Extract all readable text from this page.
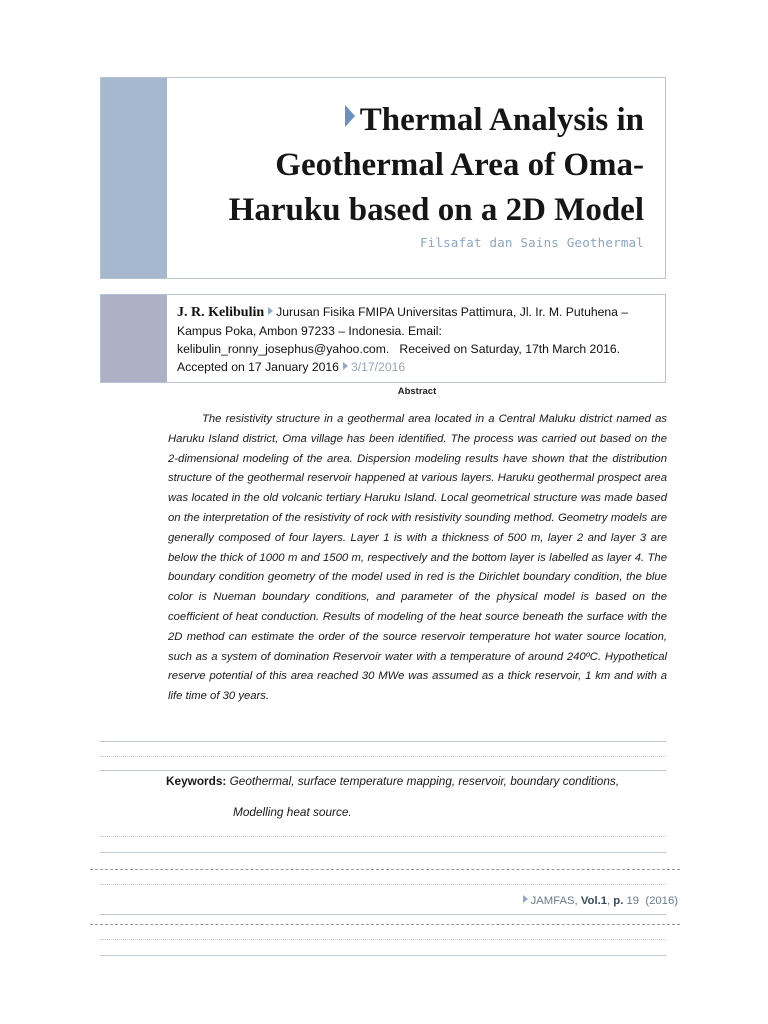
Thermal Analysis in
Geothermal Area of Oma-
Haruku based on a 2D Model
Filsafat dan Sains Geothermal
J. R. Kelibulin Jurusan Fisika FMIPA Universitas Pattimura, Jl. Ir. M. Putuhena – Kampus Poka, Ambon 97233 – Indonesia. Email: kelibulin_ronny_josephus@yahoo.com. Received on Saturday, 17th March 2016. Accepted on 17 January 2016 3/17/2016
Abstract

The resistivity structure in a geothermal area located in a Central Maluku district named as Haruku Island district, Oma village has been identified. The process was carried out based on the 2-dimensional modeling of the area. Dispersion modeling results have shown that the distribution structure of the geothermal reservoir happened at various layers. Haruku geothermal prospect area was located in the old volcanic tertiary Haruku Island. Local geometrical structure was made based on the interpretation of the resistivity of rock with resistivity sounding method. Geometry models are generally composed of four layers. Layer 1 is with a thickness of 500 m, layer 2 and layer 3 are below the thick of 1000 m and 1500 m, respectively and the bottom layer is labelled as layer 4. The boundary condition geometry of the model used in red is the Dirichlet boundary condition, the blue color is Nueman boundary conditions, and parameter of the physical model is based on the coefficient of heat conduction. Results of modeling of the heat source beneath the surface with the 2D method can estimate the order of the source reservoir temperature hot water source location, such as a system of domination Reservoir water with a temperature of around 240ºC. Hypothetical reserve potential of this area reached 30 MWe was assumed as a thick reservoir, 1 km and with a life time of 30 years.

Keywords: Geothermal, surface temperature mapping, reservoir, boundary conditions,
Modelling heat source.
JAMFAS, Vol.1, p. 19 (2016)
